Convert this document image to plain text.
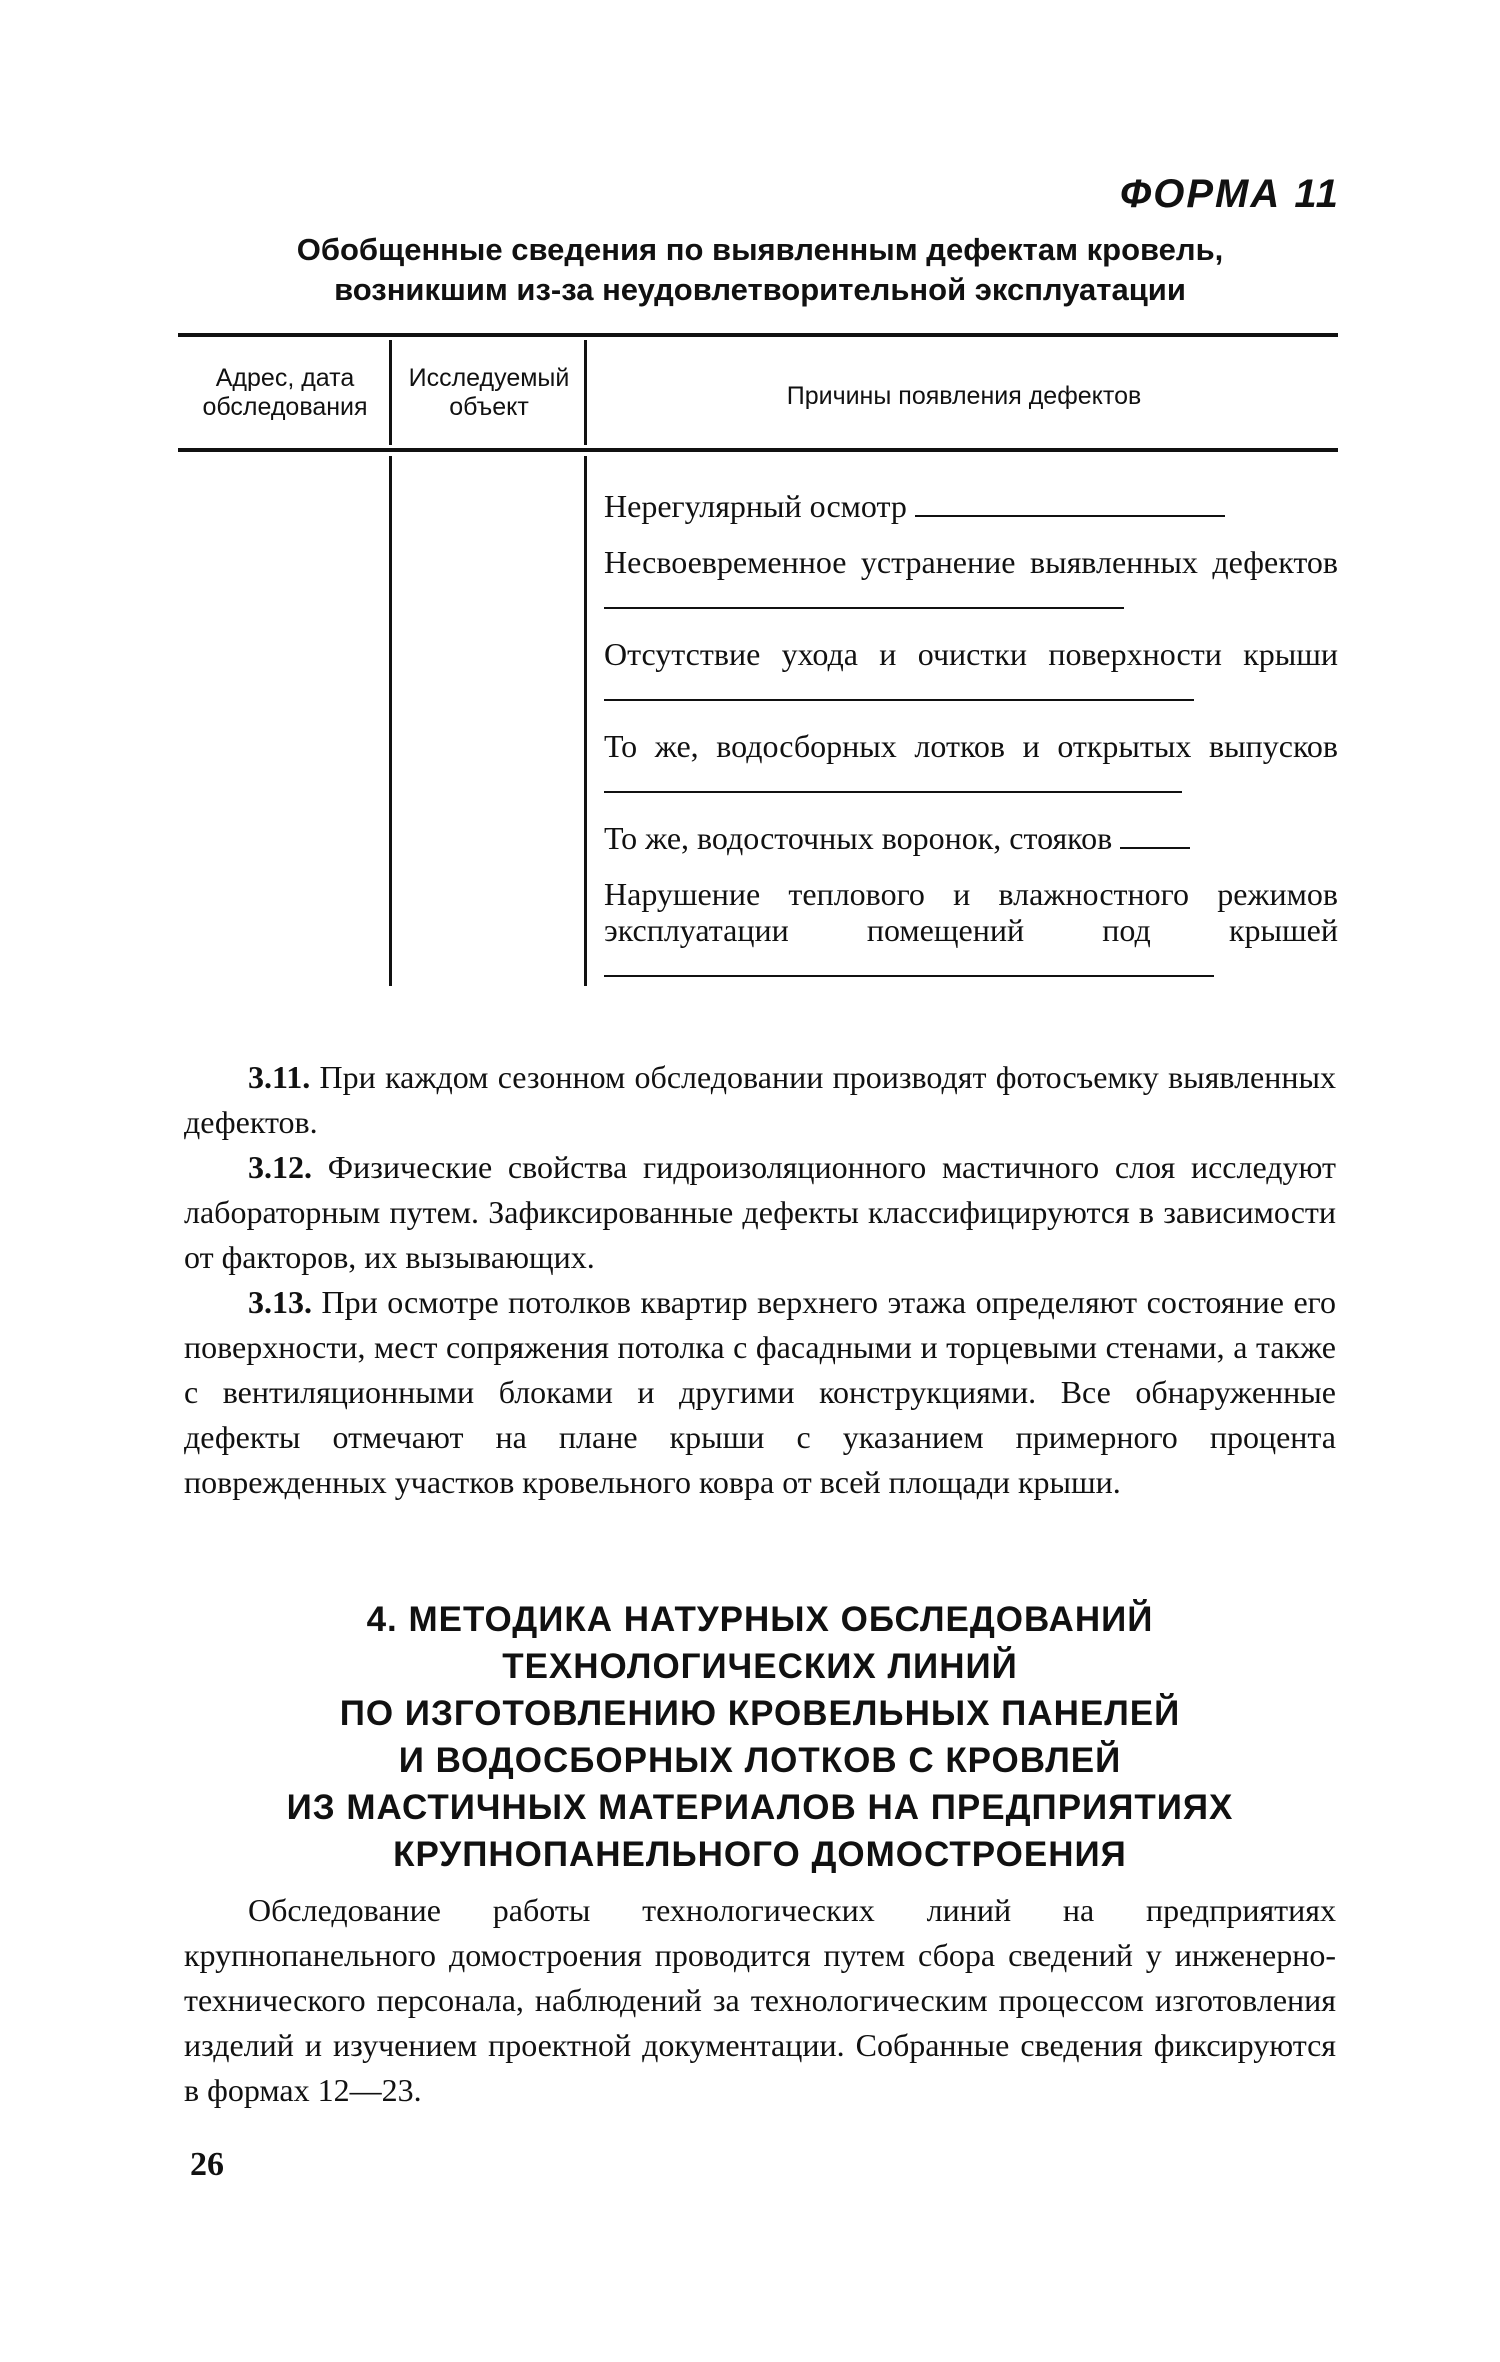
ФОРМА 11
Обобщенные сведения по выявленным дефектам кровель,
возникшим из-за неудовлетворительной эксплуатации
Адрес, дата обследования
Исследуемый объект	Причины появления дефектов
Нерегулярный осмотр
Несвоевременное устранение выявленных дефектов
Отсутствие ухода и очистки поверхности крыши
То же, водосборных лотков и открытых выпусков
То же, водосточных воронок, стояков
Нарушение теплового и влажностного режимов эксплуатации помещений под крышей

3.11. При каждом сезонном обследовании производят фотосъемку выявленных дефектов.

3.12. Физические свойства гидроизоляционного мастичного слоя исследуют лабораторным путем. Зафиксированные дефекты классифицируются в зависимости от факторов, их вызывающих.

3.13. При осмотре потолков квартир верхнего этажа определяют состояние его поверхности, мест сопряжения потолка с фасадными и торцевыми стенами, а также с вентиляционными блоками и другими конструкциями. Все обнаруженные дефекты отмечают на плане крыши с указанием примерного процента поврежденных участков кровельного ковра от всей площади крыши.

4. МЕТОДИКА НАТУРНЫХ ОБСЛЕДОВАНИЙ
ТЕХНОЛОГИЧЕСКИХ ЛИНИЙ
ПО ИЗГОТОВЛЕНИЮ КРОВЕЛЬНЫХ ПАНЕЛЕЙ
И ВОДОСБОРНЫХ ЛОТКОВ С КРОВЛЕЙ
ИЗ МАСТИЧНЫХ МАТЕРИАЛОВ НА ПРЕДПРИЯТИЯХ
КРУПНОПАНЕЛЬНОГО ДОМОСТРОЕНИЯ

Обследование работы технологических линий на предприятиях крупнопанельного домостроения проводится путем сбора сведений у инженерно-технического персонала, наблюдений за технологическим процессом изготовления изделий и изучением проектной документации. Собранные сведения фиксируются в формах 12—23.

26
